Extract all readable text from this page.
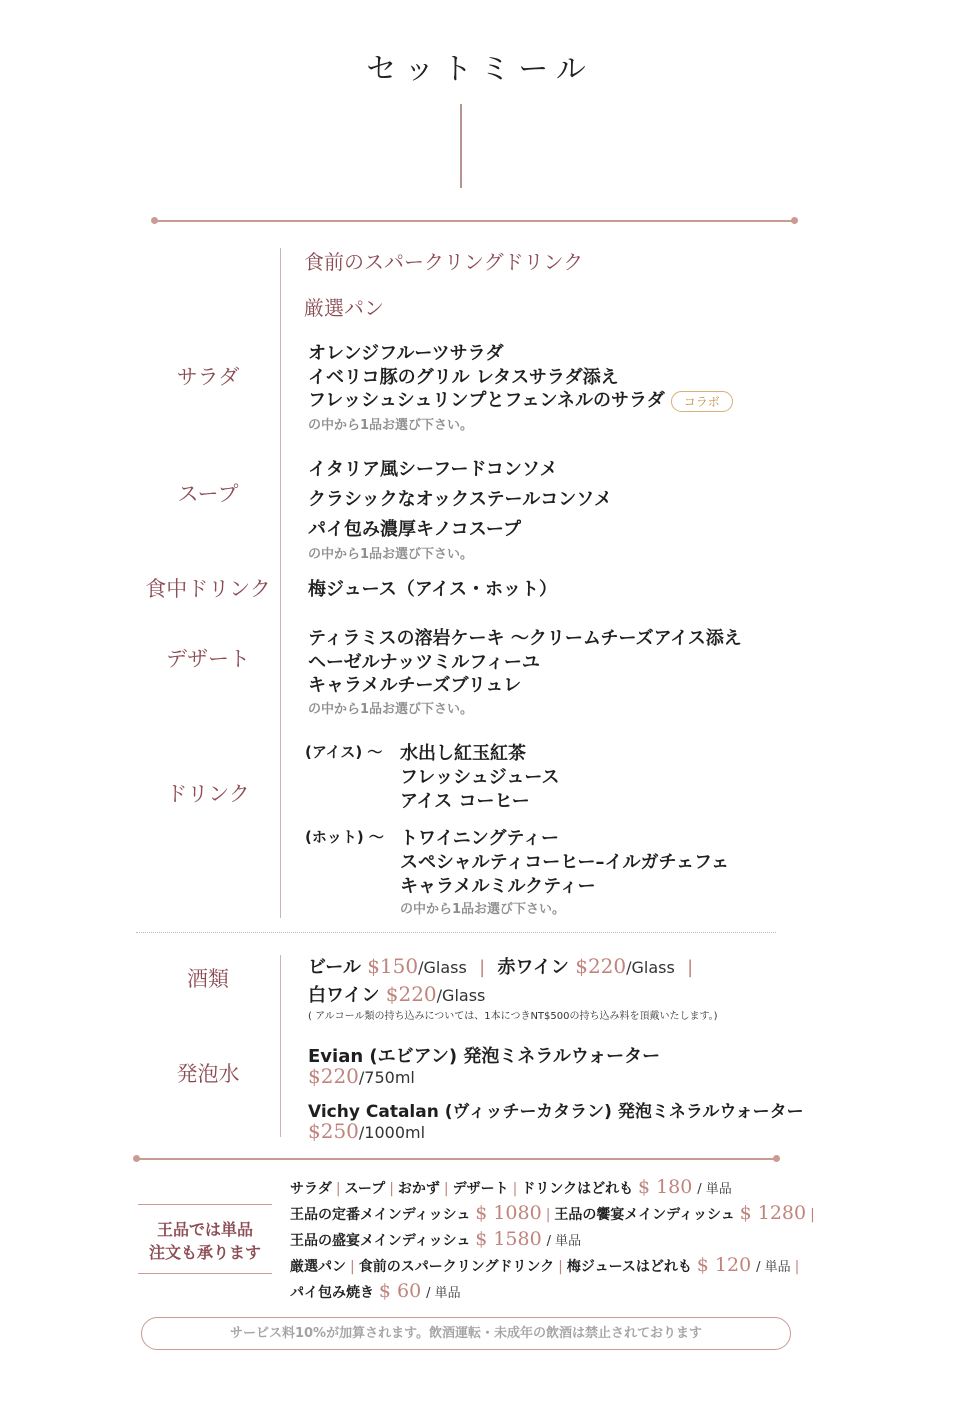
セットミール
食前のスパークリングドリンク
厳選パン
サラダ
オレンジフルーツサラダ
イベリコ豚のグリル レタスサラダ添え
フレッシュシュリンプとフェンネルのサラダ コラボ
の中から1品お選び下さい。
スープ
イタリア風シーフードコンソメ
クラシックなオックステールコンソメ
パイ包み濃厚キノコスープ
の中から1品お選び下さい。
食中ドリンク	梅ジュース（アイス・ホット）
デザート
ティラミスの溶岩ケーキ ～クリームチーズアイス添え
ヘーゼルナッツミルフィーユ
キャラメルチーズブリュレ
の中から1品お選び下さい。
ドリンク
(アイス) ～ 水出し紅玉紅茶
フレッシュジュース
アイス コーヒー
(ホット) ～ トワイニングティー
スペシャルティコーヒー–イルガチェフェ
キャラメルミルクティー
の中から1品お選び下さい。
酒類	ビール $150/Glass | 赤ワイン $220/Glass |
白ワイン $220/Glass
( アルコール類の持ち込みについては、1本につきNT$500の持ち込み料を頂戴いたします。)
発泡水
Evian (エビアン) 発泡ミネラルウォーター
$220/750ml
Vichy Catalan (ヴィッチーカタラン) 発泡ミネラルウォーター
$250/1000ml
王品では単品
注文も承ります
サラダ | スープ | おかず | デザート | ドリンクはどれも $ 180 / 単品
王品の定番メインディッシュ $ 1080 | 王品の饗宴メインディッシュ $ 1280 |
王品の盛宴メインディッシュ $ 1580 / 単品
厳選パン | 食前のスパークリングドリンク | 梅ジュースはどれも $ 120 / 単品 |
パイ包み焼き $ 60 / 単品
サービス料10%が加算されます。飲酒運転・未成年の飲酒は禁止されております
